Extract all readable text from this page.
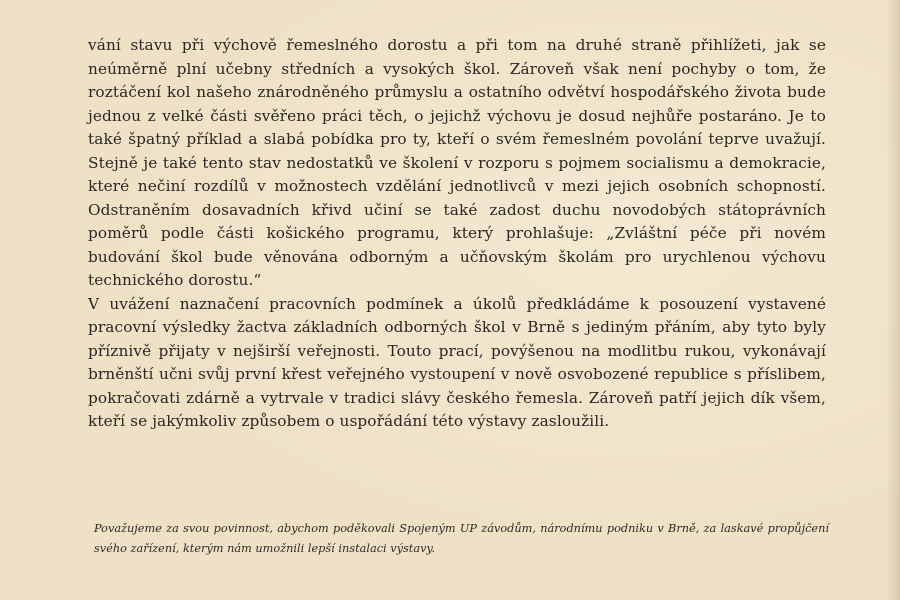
vání stavu při výchově řemeslného dorostu a při tom na druhé straně přihlížeti, jak se neúměrně plní učebny středních a vysokých škol. Zároveň však není pochyby o tom, že roztáčení kol našeho znárodněného průmyslu a ostatního odvětví hospodářského života bude jednou z velké části svěřeno práci těch, o jejichž výchovu je dosud nejhůře postaráno. Je to také špatný příklad a slabá pobídka pro ty, kteří o svém řemeslném povolání teprve uvažují. Stejně je také tento stav nedostatků ve školení v rozporu s pojmem socialismu a demokracie, které nečiní rozdílů v možnostech vzdělání jednotlivců v mezi jejich osobních schopností. Odstraněním dosavadních křivd učiní se také zadost duchu novodobých státoprávních poměrů podle části košického programu, který prohlašuje: „Zvláštní péče při novém budování škol bude věnována odborným a učňovským školám pro urychlenou výchovu technického dorostu.“

V uvážení naznačení pracovních podmínek a úkolů předkládáme k posouzení vystavené pracovní výsledky žactva základních odborných škol v Brně s jediným přáním, aby tyto byly příznivě přijaty v nejširší veřejnosti. Touto prací, povýšenou na modlitbu rukou, vykonávají brněnští učni svůj první křest veřejného vystoupení v nově osvobozené republice s příslibem, pokračovati zdárně a vytrvale v tradici slávy českého řemesla. Zároveň patří jejich dík všem, kteří se jakýmkoliv způsobem o uspořádání této výstavy zasloužili.

Považujeme za svou povinnost, abychom poděkovali Spojeným UP závodům, národnímu podniku v Brně, za laskavé propůjčení svého zařízení, kterým nám umožnili lepší instalaci výstavy.
